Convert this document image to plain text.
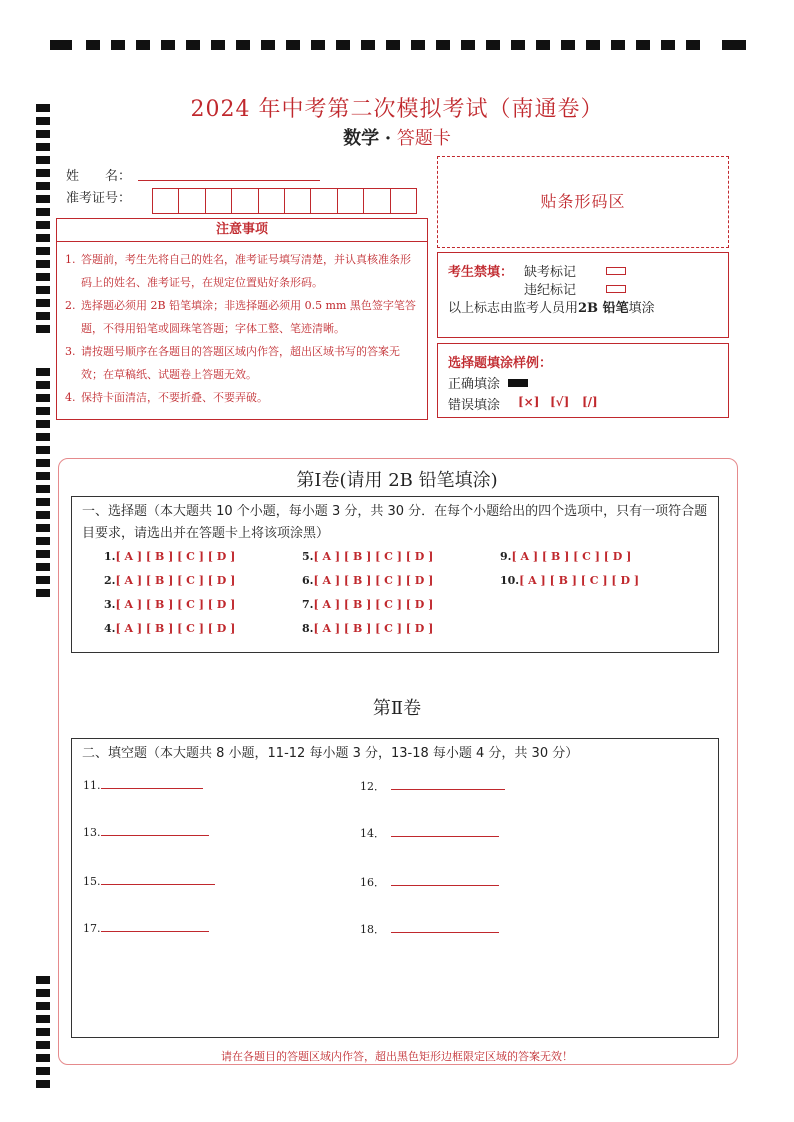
2024 年中考第二次模拟考试（南通卷）
数学 · 答题卡
姓　　名：
准考证号：
注意事项
1. 答题前，考生先将自己的姓名，准考证号填写清楚，并认真核准条形码上的姓名、准考证号，在规定位置贴好条形码。
2. 选择题必须用 2B 铅笔填涂；非选择题必须用 0.5 mm 黑色签字笔答题，不得用铅笔或圆珠笔答题；字体工整、笔迹清晰。
3. 请按题号顺序在各题目的答题区域内作答，超出区域书写的答案无效；在草稿纸、试题卷上答题无效。
4. 保持卡面清洁，不要折叠、不要弄破。
贴条形码区
考生禁填： 缺考标记
违纪标记
以上标志由监考人员用2B 铅笔填涂
选择题填涂样例：
正确填涂
错误填涂 [×] [√] [/]
第Ⅰ卷(请用 2B 铅笔填涂)
一、选择题（本大题共 10 个小题，每小题 3 分，共 30 分．在每个小题给出的四个选项中，只有一项符合题目要求，请选出并在答题卡上将该项涂黑）
1.[ A ] [ B ] [ C ] [ D ]
2.[ A ] [ B ] [ C ] [ D ]
3.[ A ] [ B ] [ C ] [ D ]
4.[ A ] [ B ] [ C ] [ D ]
5.[ A ] [ B ] [ C ] [ D ]
6.[ A ] [ B ] [ C ] [ D ]
7.[ A ] [ B ] [ C ] [ D ]
8.[ A ] [ B ] [ C ] [ D ]
9.[ A ] [ B ] [ C ] [ D ]
10.[ A ] [ B ] [ C ] [ D ]
第Ⅱ卷
二、填空题（本大题共 8 小题，11-12 每小题 3 分，13-18 每小题 4 分，共 30 分）
11.	12．
13.	14．
15.	16．
17.	18．
请在各题目的答题区域内作答，超出黑色矩形边框限定区域的答案无效！
